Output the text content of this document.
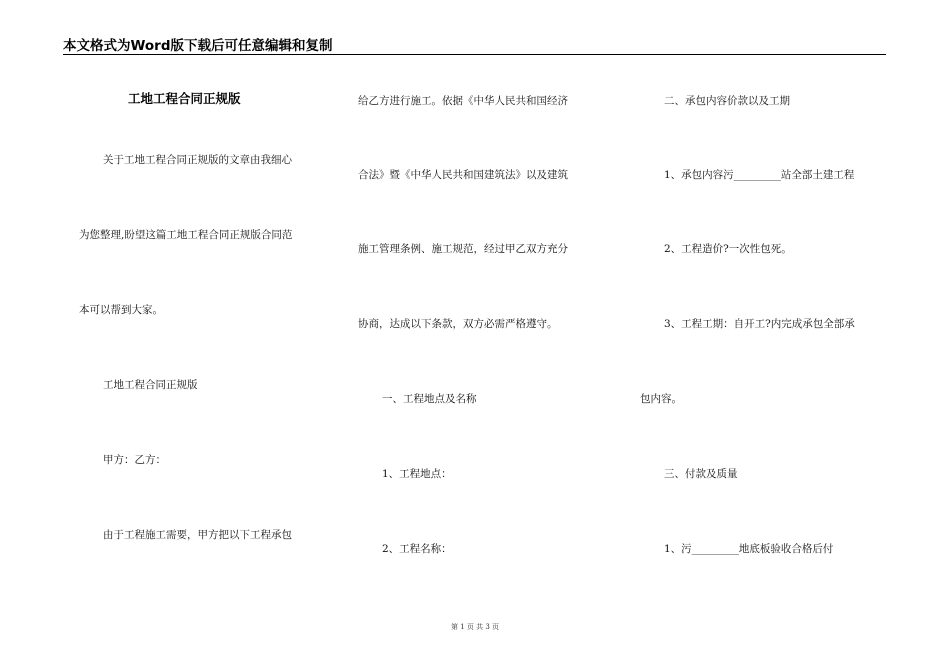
本文格式为Word版下载后可任意编辑和复制
工地工程合同正规版
关于工地工程合同正规版的文章由我细心
为您整理,盼望这篇工地工程合同正规版合同范
本可以帮到大家。
工地工程合同正规版
甲方：乙方：
由于工程施工需要，甲方把以下工程承包
给乙方进行施工。依据《中华人民共和国经济
合法》暨《中华人民共和国建筑法》以及建筑
施工管理条例、施工规范，经过甲乙双方充分
协商，达成以下条款，双方必需严格遵守。
一、工程地点及名称
1、工程地点：
2、工程名称：
二、承包内容价款以及工期
1、承包内容污_________站全部土建工程
2、工程造价?一次性包死。
3、工程工期：自开工?内完成承包全部承
包内容。
三、付款及质量
1、污_________地底板验收合格后付
第 1 页 共 3 页
